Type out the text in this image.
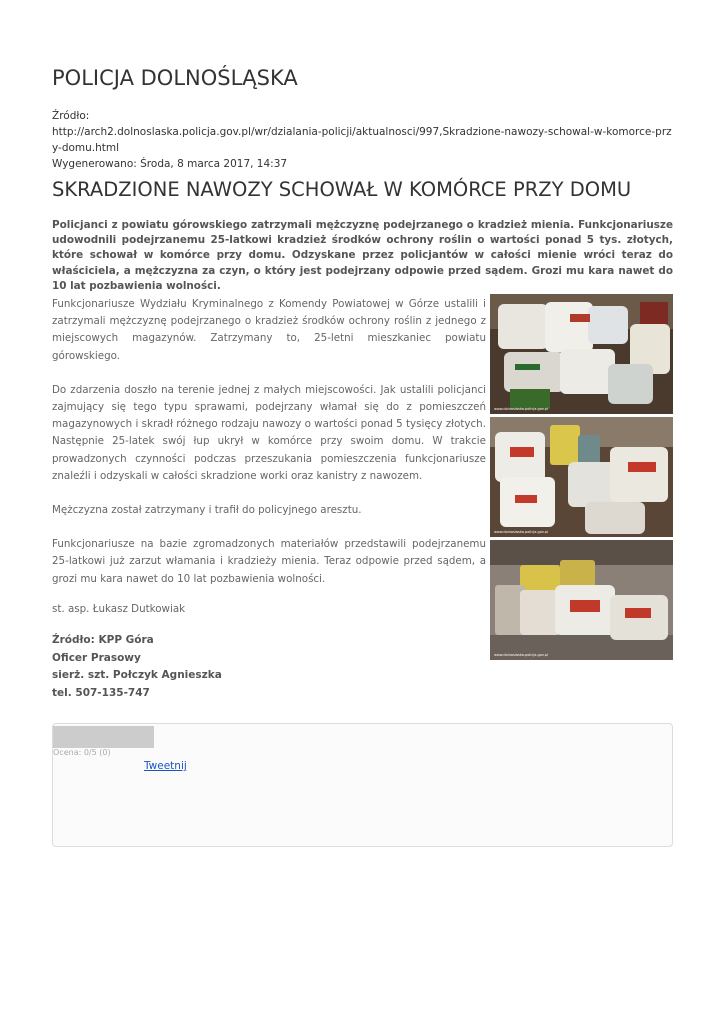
POLICJA DOLNOŚLĄSKA
Źródło:
http://arch2.dolnoslaska.policja.gov.pl/wr/dzialania-policji/aktualnosci/997,Skradzione-nawozy-schowal-w-komorce-przy-domu.html
Wygenerowano: Środa, 8 marca 2017, 14:37
SKRADZIONE NAWOZY SCHOWAŁ W KOMÓRCE PRZY DOMU
Policjanci z powiatu górowskiego zatrzymali mężczyznę podejrzanego o kradzież mienia. Funkcjonariusze udowodnili podejrzanemu 25-latkowi kradzież środków ochrony roślin o wartości ponad 5 tys. złotych, które schował w komórce przy domu. Odzyskane przez policjantów w całości mienie wróci teraz do właściciela, a mężczyzna za czyn, o który jest podejrzany odpowie przed sądem. Grozi mu kara nawet do 10 lat pozbawienia wolności.

Funkcjonariusze Wydziału Kryminalnego z Komendy Powiatowej w Górze ustalili i zatrzymali mężczyznę podejrzanego o kradzież środków ochrony roślin z jednego z miejscowych magazynów. Zatrzymany to, 25-letni mieszkaniec powiatu górowskiego.

Do zdarzenia doszło na terenie jednej z małych miejscowości. Jak ustalili policjanci zajmujący się tego typu sprawami, podejrzany włamał się do z pomieszczeń magazynowych i skradł różnego rodzaju nawozy o wartości ponad 5 tysięcy złotych. Następnie 25-latek swój łup ukrył w komórce przy swoim domu. W trakcie prowadzonych czynności podczas przeszukania pomieszczenia funkcjonariusze znaleźli i odzyskali w całości skradzione worki oraz kanistry z nawozem.

Mężczyzna został zatrzymany i trafił do policyjnego aresztu.

Funkcjonariusze na bazie zgromadzonych materiałów przedstawili podejrzanemu 25-latkowi już zarzut włamania i kradzieży mienia. Teraz odpowie przed sądem, a grozi mu kara nawet do 10 lat pozbawienia wolności.

www.dolnoslaska.policja.gov.pl
www.dolnoslaska.policja.gov.pl
www.dolnoslaska.policja.gov.pl
st. asp. Łukasz Dutkowiak
Źródło: KPP Góra
Oficer Prasowy
sierż. szt. Połczyk Agnieszka
tel. 507-135-747
Ocena: 0/5 (0)
Tweetnij
